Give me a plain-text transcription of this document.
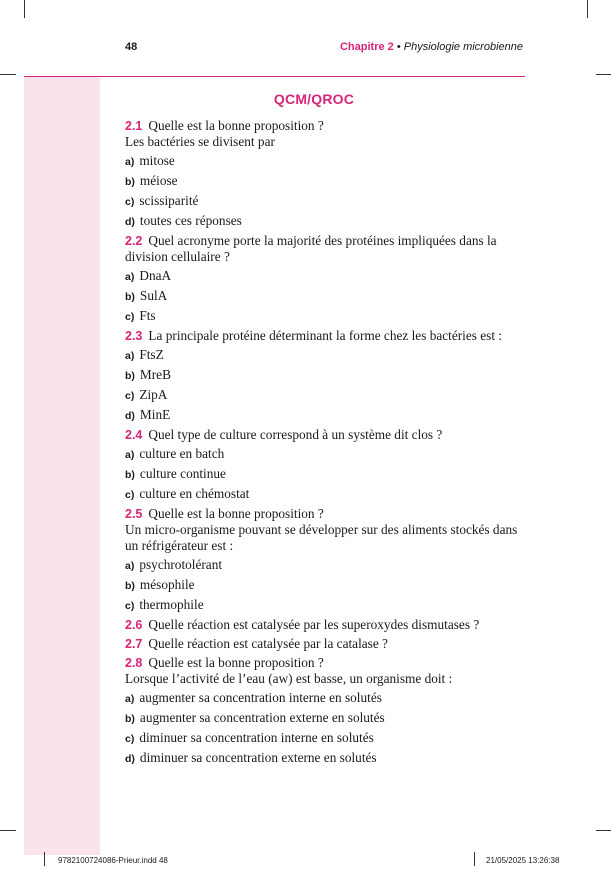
48	Chapitre 2 • Physiologie microbienne
QCM/QROC
2.1 Quelle est la bonne proposition ?
Les bactéries se divisent par
a) mitose
b) méiose
c) scissiparité
d) toutes ces réponses
2.2 Quel acronyme porte la majorité des protéines impliquées dans la division cellulaire ?
a) DnaA
b) SulA
c) Fts
2.3 La principale protéine déterminant la forme chez les bactéries est :
a) FtsZ
b) MreB
c) ZipA
d) MinE
2.4 Quel type de culture correspond à un système dit clos ?
a) culture en batch
b) culture continue
c) culture en chémostat
2.5 Quelle est la bonne proposition ?
Un micro-organisme pouvant se développer sur des aliments stockés dans un réfrigérateur est :
a) psychrotolérant
b) mésophile
c) thermophile
2.6 Quelle réaction est catalysée par les superoxydes dismutases ?
2.7 Quelle réaction est catalysée par la catalase ?
2.8 Quelle est la bonne proposition ?
Lorsque l’activité de l’eau (aw) est basse, un organisme doit :
a) augmenter sa concentration interne en solutés
b) augmenter sa concentration externe en solutés
c) diminuer sa concentration interne en solutés
d) diminuer sa concentration externe en solutés
9782100724086-Prieur.indd 48	21/05/2025 13:26:38
